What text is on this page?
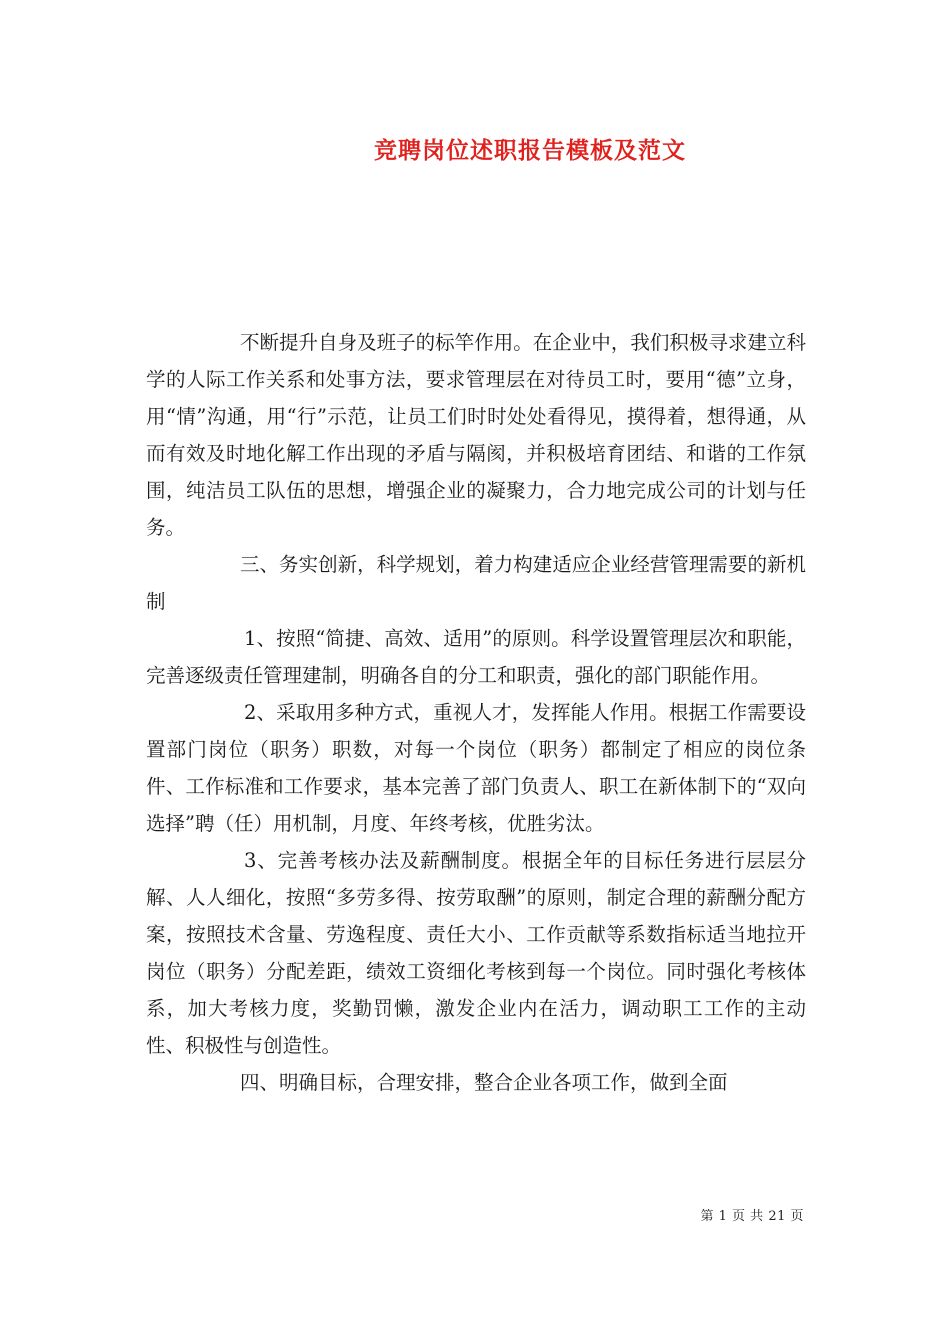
竞聘岗位述职报告模板及范文

不断提升自身及班子的标竿作用。在企业中，我们积极寻求建立科学的人际工作关系和处事方法，要求管理层在对待员工时，要用“德”立身，用“情”沟通，用“行”示范，让员工们时时处处看得见，摸得着，想得通，从而有效及时地化解工作出现的矛盾与隔阂，并积极培育团结、和谐的工作氛围，纯洁员工队伍的思想，增强企业的凝聚力，合力地完成公司的计划与任务。

三、务实创新，科学规划，着力构建适应企业经营管理需要的新机制

1、按照“简捷、高效、适用”的原则。科学设置管理层次和职能，完善逐级责任管理建制，明确各自的分工和职责，强化的部门职能作用。

2、采取用多种方式，重视人才，发挥能人作用。根据工作需要设置部门岗位（职务）职数，对每一个岗位（职务）都制定了相应的岗位条件、工作标准和工作要求，基本完善了部门负责人、职工在新体制下的“双向选择”聘（任）用机制，月度、年终考核，优胜劣汰。

3、完善考核办法及薪酬制度。根据全年的目标任务进行层层分解、人人细化，按照“多劳多得、按劳取酬”的原则，制定合理的薪酬分配方案，按照技术含量、劳逸程度、责任大小、工作贡献等系数指标适当地拉开岗位（职务）分配差距，绩效工资细化考核到每一个岗位。同时强化考核体系，加大考核力度，奖勤罚懒，激发企业内在活力，调动职工工作的主动性、积极性与创造性。

四、明确目标，合理安排，整合企业各项工作，做到全面

第 1 页 共 21 页
